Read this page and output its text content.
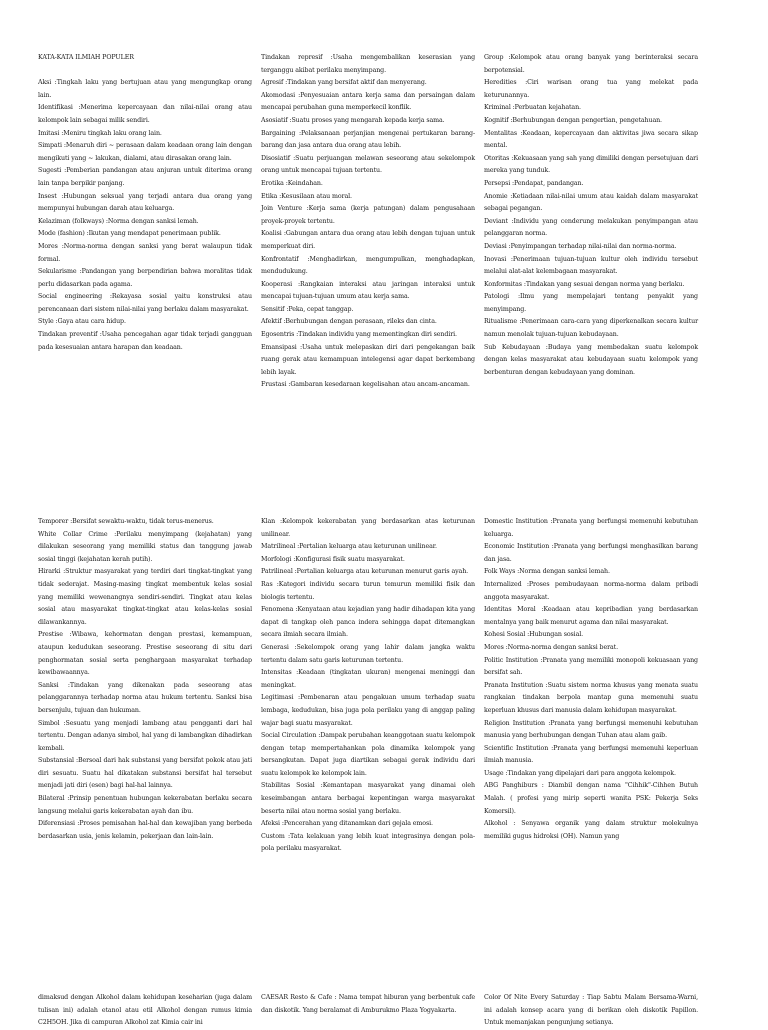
KATA-KATA ILMIAH POPULER

Aksi :Tingkah laku yang bertujuan atau yang mengungkap orang lain.

Identifikasi :Menerima kepercayaan dan nilai-nilai orang atau kelompok lain sebagai milik sendiri.

Imitasi :Meniru tingkah laku orang lain.

Simpati :Menaruh diri ~ perasaan dalam keadaan orang lain dengan mengikuti yang ~ lakukan, dialami, atau dirasakan orang lain.

Sugesti :Pemberian pandangan atau anjuran untuk diterima orang lain tanpa berpikir panjang.

Insest :Hubungan seksual yang terjadi antara dua orang yang mempunyai hubungan darah atau keluarga.

Kelaziman (folkways) :Norma dengan sanksi lemah.

Mode (fashion) :Ikutan yang mendapat penerimaan publik.

Mores :Norma-norma dengan sanksi yang berat walaupun tidak formal.

Sekularisme :Pandangan yang berpendirian bahwa moralitas tidak perlu didasarkan pada agama.

Social engineering :Rekayasa sosial yaitu konstruksi atau perencanaan dari sistem nilai-nilai yang berlaku dalam masyarakat.

Style :Gaya atau cara hidup.

Tindakan preventif :Usaha pencegahan agar tidak terjadi gangguan pada kesesuaian antara harapan dan keadaan.

Tindakan represif :Usaha mengembalikan keserasian yang terganggu akibat perilaku menyimpang.

Agresif :Tindakan yang bersifat aktif dan menyerang.

Akomodasi :Penyesuaian antara kerja sama dan persaingan dalam mencapai perubahan guna memperkecil konflik.

Asosiatif :Suatu proses yang mengarah kepada kerja sama.

Bargaining :Pelaksanaan perjanjian mengenai pertukaran barang-barang dan jasa antara dua orang atau lebih.

Disosiatif :Suatu perjuangan melawan seseorang atau sekelompok orang untuk mencapai tujuan tertentu.

Erotika :Keindahan.

Etika :Kesusilaan atau moral.

Join Venture :Kerja sama (kerja patungan) dalam pengusahaan proyek-proyek tertentu.

Koalisi :Gabungan antara dua orang atau lebih dengan tujuan untuk memperkuat diri.

Konfrontatif :Menghadirkan, mengumpulkan, menghadapkan, mendudukung.

Kooperasi :Rangkaian interaksi atau jaringan interaksi untuk mencapai tujuan-tujuan umum atau kerja sama.

Sensitif :Peka, cepat tanggap.

Afektif :Berhubungan dengan perasaan, rileks dan cinta.

Egosentris :Tindakan individu yang mementingkan diri sendiri.

Emansipasi :Usaha untuk melepaskan diri dari pengekangan baik ruang gerak atau kemampuan intelegensi agar dapat berkembang lebih layak.

Frustasi :Gambaran kesedaraan kegelisahan atau ancam-ancaman.

Group :Kelompok atau orang banyak yang berinteraksi secara berpotensial.

Heredities :Ciri warisan orang tua yang melekat pada keturunannya.

Kriminal :Perbuatan kejahatan.

Kognitif :Berhubungan dengan pengertian, pengetahuan.

Mentalitas :Keadaan, kepercayaan dan aktivitas jiwa secara sikap mental.

Otoritas :Kekuasaan yang sah yang dimiliki dengan persetujuan dari mereka yang tunduk.

Persepsi :Pendapat, pandangan.

Anomie :Ketiadaan nilai-nilai umum atau kaidah dalam masyarakat sebagai pegangan.

Deviant :Individu yang cenderung melakukan penyimpangan atau pelanggaran norma.

Deviasi :Penyimpangan terhadap nilai-nilai dan norma-norma.

Inovasi :Penerimaan tujuan-tujuan kultur oleh individu tersebut melalui alat-alat kelembagaan masyarakat.

Konformitas :Tindakan yang sesuai dengan norma yang berlaku.

Patologi :Ilmu yang mempelajari tentang penyakit yang menyimpang.

Ritualisme :Penerimaan cara-cara yang diperkenalkan secara kultur namun menolak tujuan-tujuan kebudayaan.

Sub Kebudayaan :Budaya yang membedakan suatu kelompok dengan kelas masyarakat atau kebudayaan suatu kelompok yang berbenturan dengan kebudayaan yang dominan.

Temporer :Bersifat sewaktu-waktu, tidak terus-menerus.

White Collar Crime :Perilaku menyimpang (kejahatan) yang dilakukan seseorang yang memiliki status dan tanggung jawab sosial tinggi (kejahatan kerah putih).

Hirarki :Struktur masyarakat yang terdiri dari tingkat-tingkat yang tidak sederajat. Masing-masing tingkat membentuk kelas sosial yang memiliki wewenangnya sendiri-sendiri. Tingkat atau kelas sosial atau masyarakat tingkat-tingkat atau kelas-kelas sosial dilawankannya.

Prestise :Wibawa, kehormatan dengan prestasi, kemampuan, ataupun kedudukan seseorang. Prestise seseorang di situ dari penghormatan sosial serta penghargaan masyarakat terhadap kewibawaannya.

Sanksi :Tindakan yang dikenakan pada seseorang atas pelanggarannya terhadap norma atau hukum tertentu. Sanksi bisa bersenjulu, tujuan dan hukuman.

Simbol :Sesuatu yang menjadi lambang atau pengganti dari hal tertentu. Dengan adanya simbol, hal yang di lambangkan dihadirkan kembali.

Substansial :Bersoal dari hak substansi yang bersifat pokok atau jati diri sesuatu. Suatu hal dikatakan substansi bersifat hal tersebut menjadi jati diri (esen) bagi hal-hal lainnya.

Bilateral :Prinsip penentuan hubungan kekerabatan berlaku secara langsung melalui garis kekerabatan ayah dan ibu.

Diferensiasi :Proses pemisahan hal-hal dan kewajiban yang berbeda berdasarkan usia, jenis kelamin, pekerjaan dan lain-lain.

Klan :Kelompok kekerabatan yang berdasarkan atas keturunan unilinear.

Matrilineal :Pertalian keluarga atau keturunan unilinear.

Morfologi :Konfigurasi fisik suatu masyarakat.

Patrilineal :Pertalian keluarga atau keturunan menurut garis ayah.

Ras :Kategori individu secara turun temurun memiliki fisik dan biologis tertentu.

Fenomena :Kenyataan atau kejadian yang hadir dihadapan kita yang dapat di tangkap oleh panca indera sehingga dapat ditemangkan secara ilmiah secara ilmiah.

Generasi :Sekelompok orang yang lahir dalam jangka waktu tertentu dalam satu garis keturunan tertentu.

Intensitas :Keadaan (tingkatan ukuran) mengenai meninggi dan meningkat.

Legitimasi :Pembenaran atau pengakuan umum terhadap suatu lembaga, kedudukan, bisa juga pola perilaku yang di anggap paling wajar bagi suatu masyarakat.

Social Circulation :Dampak perubahan keanggotaan suatu kelompok dengan tetap mempertahankan pola dinamika kelompok yang bersangkutan. Dapat juga diartikan sebagai gerak individu dari suatu kelompok ke kelompok lain.

Stabilitas Sosial :Kemantapan masyarakat yang dinamai oleh keseimbangan antara berbagai kepentingan warga masyarakat beserta nilai atau norma sosial yang berlaku.

Afeksi :Pencerahan yang ditanamkan dari gejala emosi.

Custom :Tata kelakuan yang lebih kuat integrasinya dengan pola-pola perilaku masyarakat.

Domestic Institution :Pranata yang berfungsi memenuhi kebutuhan keluarga.

Economic Institution :Pranata yang berfungsi menghasilkan barang dan jasa.

Folk Ways :Norma dengan sanksi lemah.

Internalized :Proses pembudayaan norma-norma dalam pribadi anggota masyarakat.

Identitas Moral :Keadaan atau kepribadian yang berdasarkan mentalnya yang baik menurut agama dan nilai masyarakat.

Kohesi Sosial :Hubungan sosial.

Mores :Norma-norma dengan sanksi berat.

Politic Institution :Pranata yang memiliki monopoli kekuasaan yang bersifat sah.

Pranata Institution :Suatu sistem norma khusus yang menata suatu rangkaian tindakan berpola mantap guna memenuhi suatu keperluan khusus dari manusia dalam kehidupan masyarakat.

Religion Institution :Pranata yang berfungsi memenuhi kebutuhan manusia yang berhubungan dengan Tuhan atau alam gaib.

Scientific Institution :Pranata yang berfungsi memenuhi keperluan ilmiah manusia.

Usage :Tindakan yang dipelajari dari para anggota kelompok.

ABG Panghiburs : Diambil dengan nama "Cihhik"-Cihhen Butuh Malah. ( profesi yang mirip seperti wanita PSK: Pekerja Seks Komersil).

Alkohol : Senyawa organik yang dalam struktur molekulnya memiliki gugus hidroksi (OH). Namun yang

dimaksud dengan Alkohol dalam kehidupan keseharian (juga dalam tulisan ini) adalah etanol atau etil Alkohol dengan rumus kimia C2H5OH. Jika di campuran Alkohol zat Kimia cair ini

CAESAR Resto & Cafe : Nama tempat hiburan yang berbentuk cafe dan diskotik. Yang beralamat di Amburukmo Plaza Yogyakarta.

Color Of Nite Every Saturday : Tiap Sabtu Malam Bersama-Warni, ini adalah konsep acara yang di berikan oleh diskotik Papillon. Untuk memanjakan pengunjung setianya.
